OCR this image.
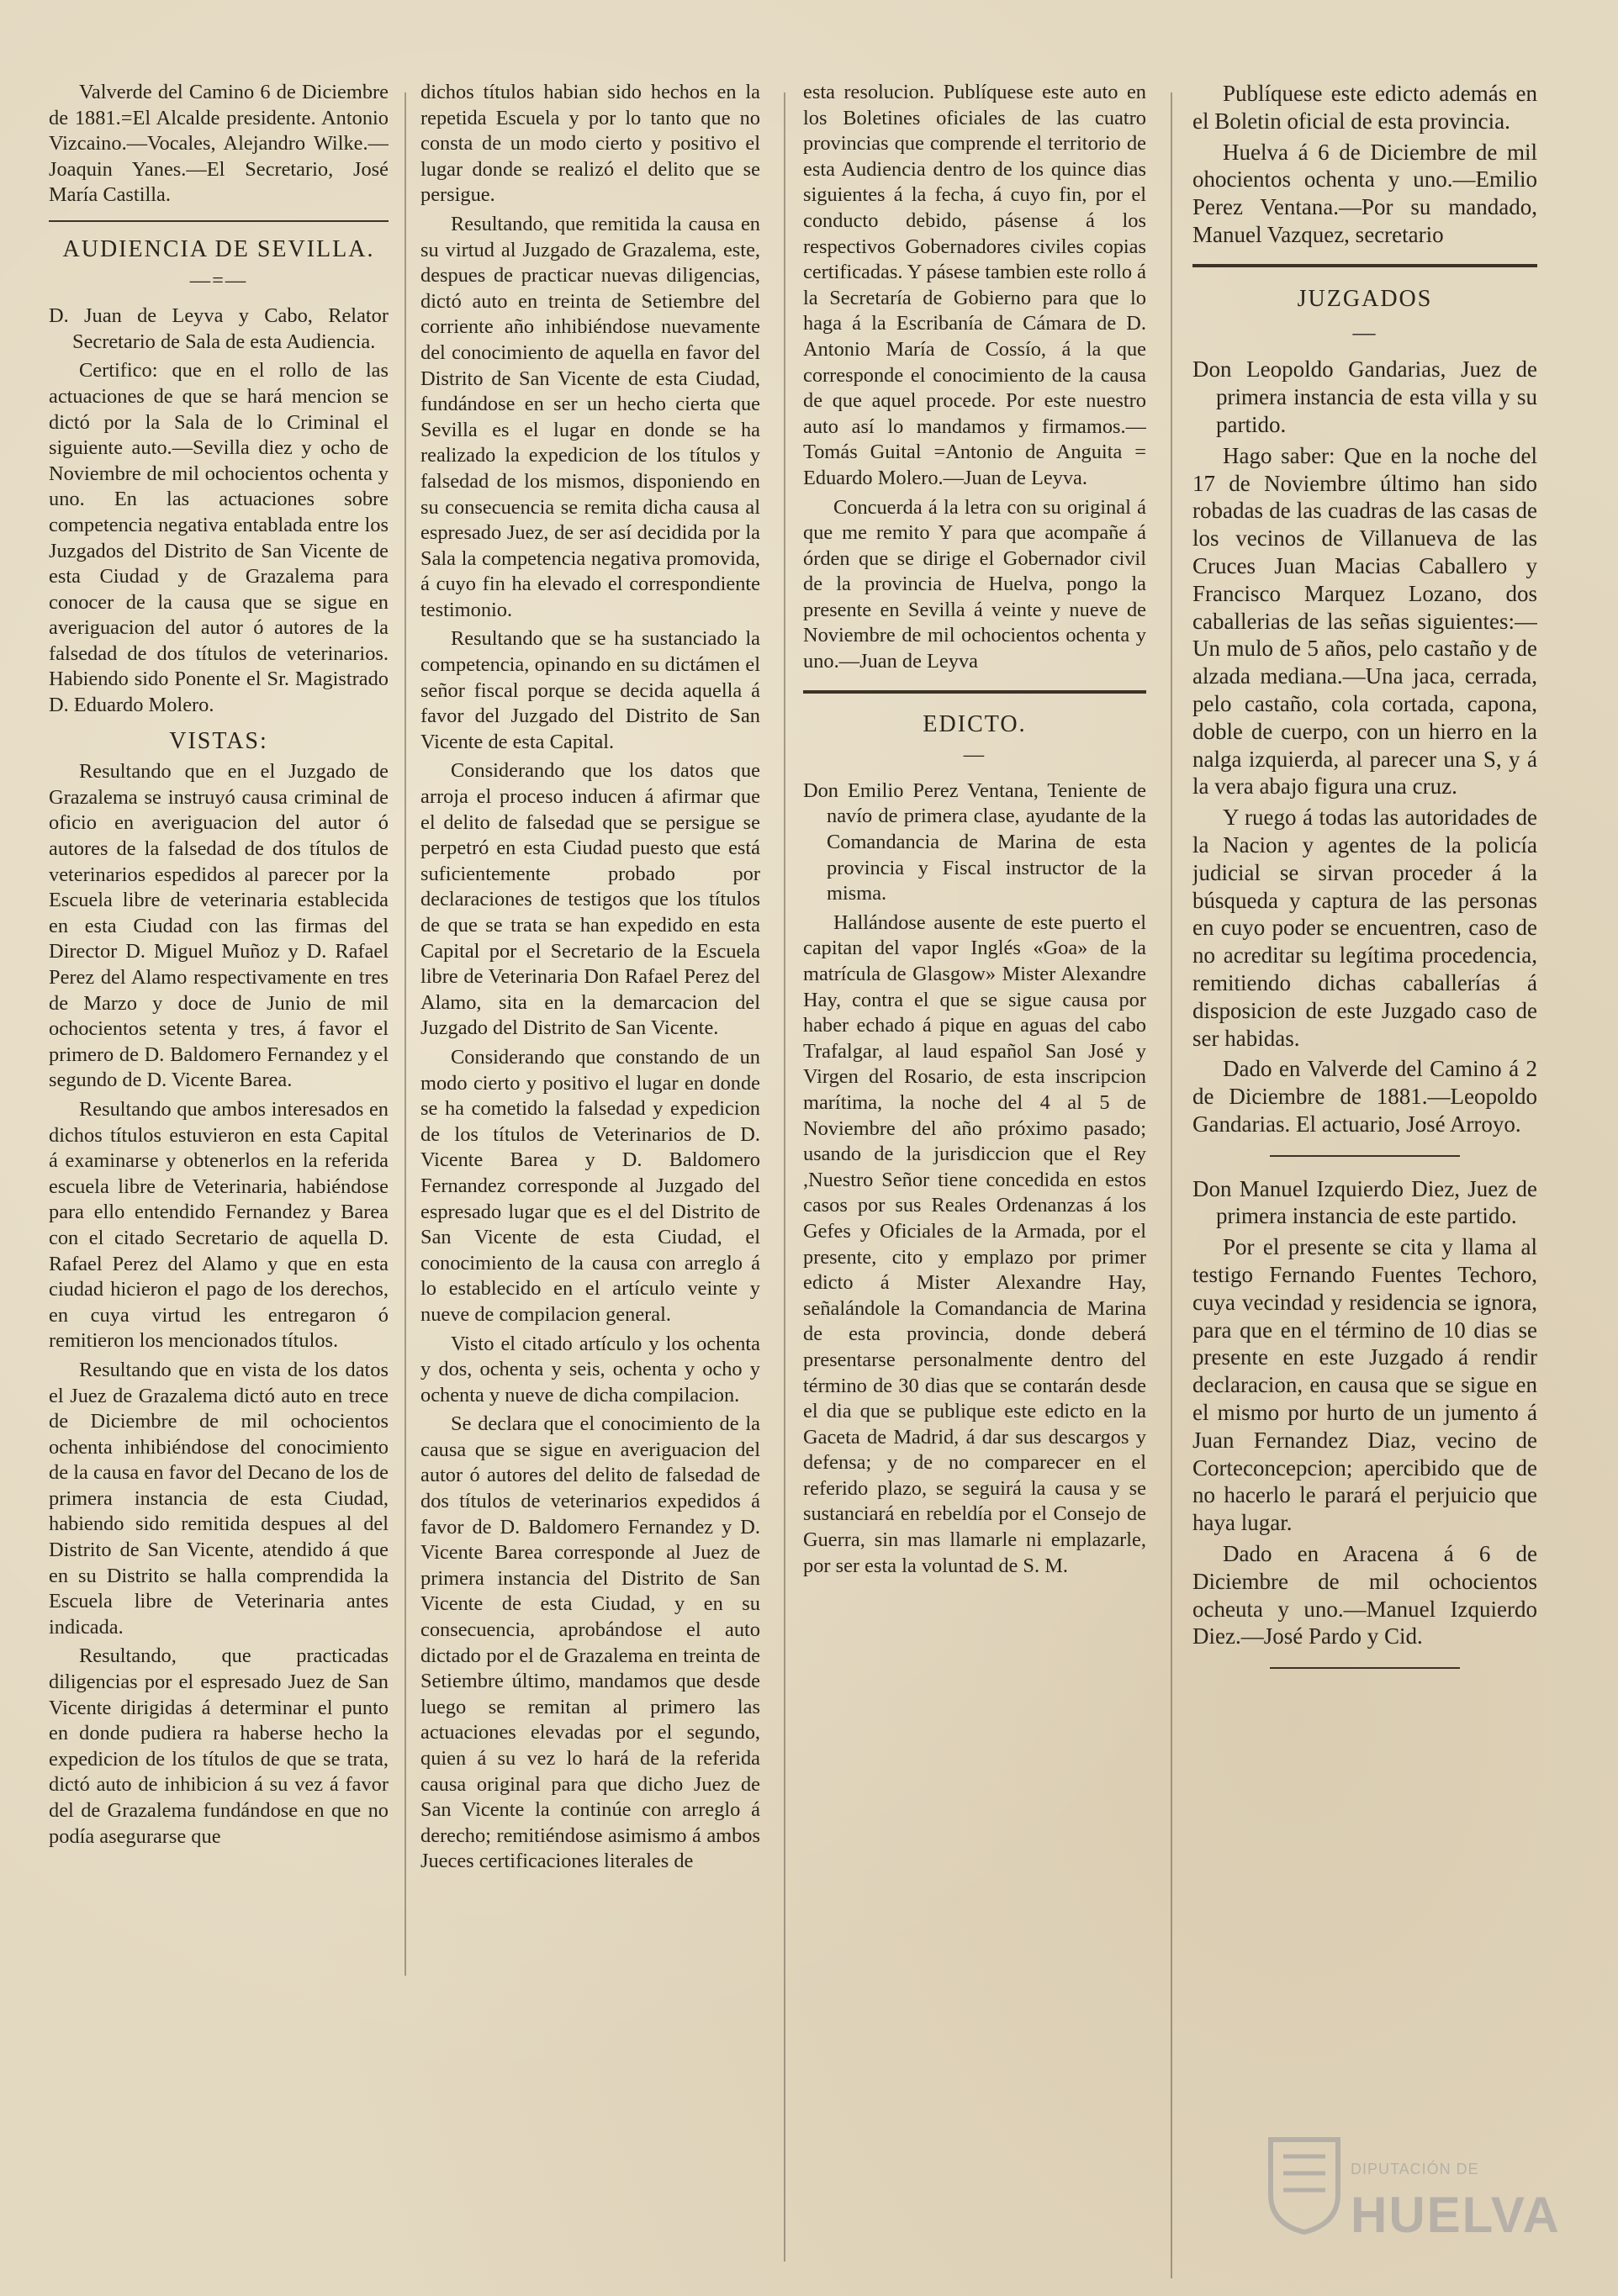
Valverde del Camino 6 de Diciembre de 1881.=El Alcalde presidente. Antonio Vizcaino.—Vocales, Alejandro Wilke.—Joaquin Yanes.—El Secretario, José María Castilla.

AUDIENCIA DE SEVILLA.
—=—

D. Juan de Leyva y Cabo, Relator Secretario de Sala de esta Audiencia.

Certifico: que en el rollo de las actuaciones de que se hará mencion se dictó por la Sala de lo Criminal el siguiente auto.—Sevilla diez y ocho de Noviembre de mil ochocientos ochenta y uno. En las actuaciones sobre competencia negativa entablada entre los Juzgados del Distrito de San Vicente de esta Ciudad y de Grazalema para conocer de la causa que se sigue en averiguacion del autor ó autores de la falsedad de dos títulos de veterinarios. Habiendo sido Ponente el Sr. Magistrado D. Eduardo Molero.

VISTAS:

Resultando que en el Juzgado de Grazalema se instruyó causa criminal de oficio en averiguacion del autor ó autores de la falsedad de dos títulos de veterinarios espedidos al parecer por la Escuela libre de veterinaria establecida en esta Ciudad con las firmas del Director D. Miguel Muñoz y D. Rafael Perez del Alamo respectivamente en tres de Marzo y doce de Junio de mil ochocientos setenta y tres, á favor el primero de D. Baldomero Fernandez y el segundo de D. Vicente Barea.

Resultando que ambos interesados en dichos títulos estuvieron en esta Capital á examinarse y obtenerlos en la referida escuela libre de Veterinaria, habiéndose para ello entendido Fernandez y Barea con el citado Secretario de aquella D. Rafael Perez del Alamo y que en esta ciudad hicieron el pago de los derechos, en cuya virtud les entregaron ó remitieron los mencionados títulos.

Resultando que en vista de los datos el Juez de Grazalema dictó auto en trece de Diciembre de mil ochocientos ochenta inhibiéndose del conocimiento de la causa en favor del Decano de los de primera instancia de esta Ciudad, habiendo sido remitida despues al del Distrito de San Vicente, atendido á que en su Distrito se halla comprendida la Escuela libre de Veterinaria antes indicada.

Resultando, que practicadas diligencias por el espresado Juez de San Vicente dirigidas á determinar el punto en donde pudiera ra haberse hecho la expedicion de los títulos de que se trata, dictó auto de inhibicion á su vez á favor del de Grazalema fundándose en que no podía asegurarse que

dichos títulos habian sido hechos en la repetida Escuela y por lo tanto que no consta de un modo cierto y positivo el lugar donde se realizó el delito que se persigue.

Resultando, que remitida la causa en su virtud al Juzgado de Grazalema, este, despues de practicar nuevas diligencias, dictó auto en treinta de Setiembre del corriente año inhibiéndose nuevamente del conocimiento de aquella en favor del Distrito de San Vicente de esta Ciudad, fundándose en ser un hecho cierta que Sevilla es el lugar en donde se ha realizado la expedicion de los títulos y falsedad de los mismos, disponiendo en su consecuencia se remita dicha causa al espresado Juez, de ser así decidida por la Sala la competencia negativa promovida, á cuyo fin ha elevado el correspondiente testimonio.

Resultando que se ha sustanciado la competencia, opinando en su dictámen el señor fiscal porque se decida aquella á favor del Juzgado del Distrito de San Vicente de esta Capital.

Considerando que los datos que arroja el proceso inducen á afirmar que el delito de falsedad que se persigue se perpetró en esta Ciudad puesto que está suficientemente probado por declaraciones de testigos que los títulos de que se trata se han expedido en esta Capital por el Secretario de la Escuela libre de Veterinaria Don Rafael Perez del Alamo, sita en la demarcacion del Juzgado del Distrito de San Vicente.

Considerando que constando de un modo cierto y positivo el lugar en donde se ha cometido la falsedad y expedicion de los títulos de Veterinarios de D. Vicente Barea y D. Baldomero Fernandez corresponde al Juzgado del espresado lugar que es el del Distrito de San Vicente de esta Ciudad, el conocimiento de la causa con arreglo á lo establecido en el artículo veinte y nueve de compilacion general.

Visto el citado artículo y los ochenta y dos, ochenta y seis, ochenta y ocho y ochenta y nueve de dicha compilacion.

Se declara que el conocimiento de la causa que se sigue en averiguacion del autor ó autores del delito de falsedad de dos títulos de veterinarios expedidos á favor de D. Baldomero Fernandez y D. Vicente Barea corresponde al Juez de primera instancia del Distrito de San Vicente de esta Ciudad, y en su consecuencia, aprobándose el auto dictado por el de Grazalema en treinta de Setiembre último, mandamos que desde luego se remitan al primero las actuaciones elevadas por el segundo, quien á su vez lo hará de la referida causa original para que dicho Juez de San Vicente la continúe con arreglo á derecho; remitiéndose asimismo á ambos Jueces certificaciones literales de

esta resolucion. Publíquese este auto en los Boletines oficiales de las cuatro provincias que comprende el territorio de esta Audiencia dentro de los quince dias siguientes á la fecha, á cuyo fin, por el conducto debido, pásense á los respectivos Gobernadores civiles copias certificadas. Y pásese tambien este rollo á la Secretaría de Gobierno para que lo haga á la Escribanía de Cámara de D. Antonio María de Cossío, á la que corresponde el conocimiento de la causa de que aquel procede. Por este nuestro auto así lo mandamos y firmamos.—Tomás Guital =Antonio de Anguita = Eduardo Molero.—Juan de Leyva.

Concuerda á la letra con su original á que me remito Y para que acompañe á órden que se dirige el Gobernador civil de la provincia de Huelva, pongo la presente en Sevilla á veinte y nueve de Noviembre de mil ochocientos ochenta y uno.—Juan de Leyva

EDICTO.
—

Don Emilio Perez Ventana, Teniente de navío de primera clase, ayudante de la Comandancia de Marina de esta provincia y Fiscal instructor de la misma.

Hallándose ausente de este puerto el capitan del vapor Inglés «Goa» de la matrícula de Glasgow» Mister Alexandre Hay, contra el que se sigue causa por haber echado á pique en aguas del cabo Trafalgar, al laud español San José y Virgen del Rosario, de esta inscripcion marítima, la noche del 4 al 5 de Noviembre del año próximo pasado; usando de la jurisdiccion que el Rey ,Nuestro Señor tiene concedida en estos casos por sus Reales Ordenanzas á los Gefes y Oficiales de la Armada, por el presente, cito y emplazo por primer edicto á Mister Alexandre Hay, señalándole la Comandancia de Marina de esta provincia, donde deberá presentarse personalmente dentro del término de 30 dias que se contarán desde el dia que se publique este edicto en la Gaceta de Madrid, á dar sus descargos y defensa; y de no comparecer en el referido plazo, se seguirá la causa y se sustanciará en rebeldía por el Consejo de Guerra, sin mas llamarle ni emplazarle, por ser esta la voluntad de S. M.

Publíquese este edicto además en el Boletin oficial de esta provincia.

Huelva á 6 de Diciembre de mil ohocientos ochenta y uno.—Emilio Perez Ventana.—Por su mandado, Manuel Vazquez, secretario

JUZGADOS
—

Don Leopoldo Gandarias, Juez de primera instancia de esta villa y su partido.

Hago saber: Que en la noche del 17 de Noviembre último han sido robadas de las cuadras de las casas de los vecinos de Villanueva de las Cruces Juan Macias Caballero y Francisco Marquez Lozano, dos caballerias de las señas siguientes:—Un mulo de 5 años, pelo castaño y de alzada mediana.—Una jaca, cerrada, pelo castaño, cola cortada, capona, doble de cuerpo, con un hierro en la nalga izquierda, al parecer una S, y á la vera abajo figura una cruz.

Y ruego á todas las autoridades de la Nacion y agentes de la policía judicial se sirvan proceder á la búsqueda y captura de las personas en cuyo poder se encuentren, caso de no acreditar su legítima procedencia, remitiendo dichas caballerías á disposicion de este Juzgado caso de ser habidas.

Dado en Valverde del Camino á 2 de Diciembre de 1881.—Leopoldo Gandarias. El actuario, José Arroyo.

Don Manuel Izquierdo Diez, Juez de primera instancia de este partido.

Por el presente se cita y llama al testigo Fernando Fuentes Techoro, cuya vecindad y residencia se ignora, para que en el término de 10 dias se presente en este Juzgado á rendir declaracion, en causa que se sigue en el mismo por hurto de un jumento á Juan Fernandez Diaz, vecino de Corteconcepcion; apercibido que de no hacerlo le parará el perjuicio que haya lugar.

Dado en Aracena á 6 de Diciembre de mil ochocientos ocheuta y uno.—Manuel Izquierdo Diez.—José Pardo y Cid.

DIPUTACIÓN DE
HUELVA
